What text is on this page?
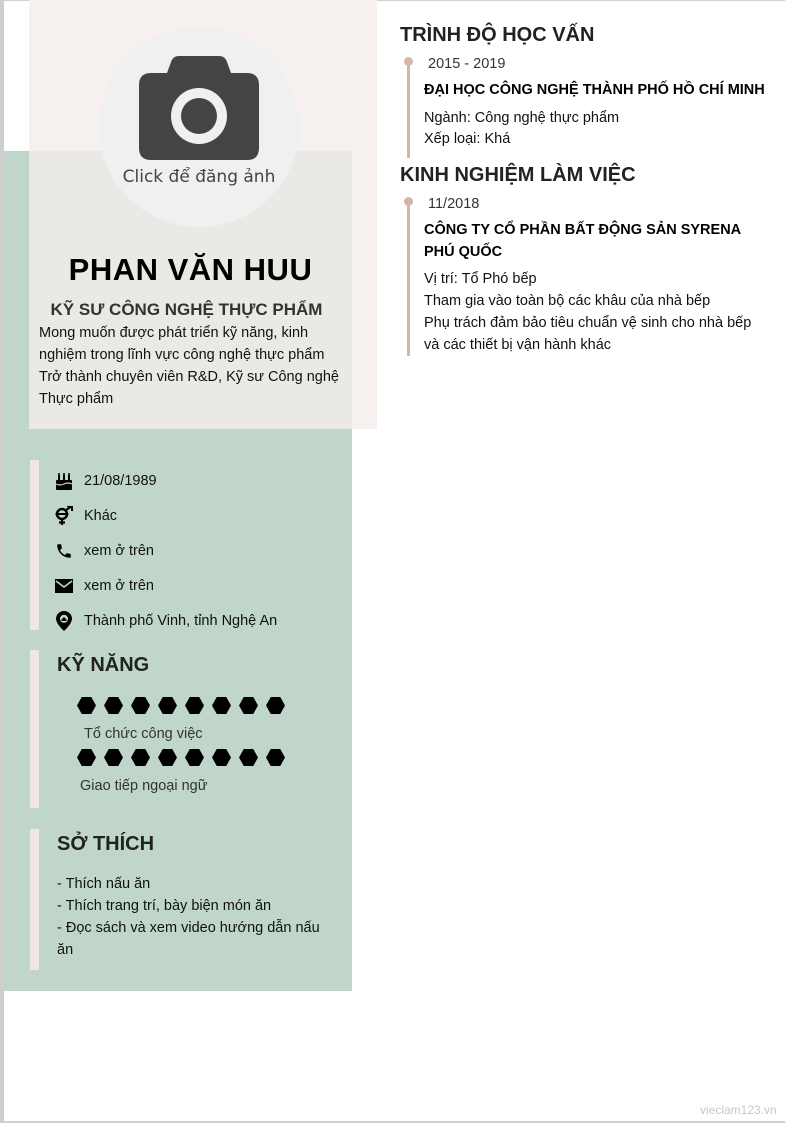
Click để đăng ảnh
PHAN VĂN HUU
KỸ SƯ CÔNG NGHỆ THỰC PHẨM
Mong muốn được phát triển kỹ năng, kinh nghiệm trong lĩnh vực công nghệ thực phẩm Trở thành chuyên viên R&D, Kỹ sư Công nghệ Thực phẩm
21/08/1989
Khác
xem ở trên
xem ở trên
Thành phố Vinh, tỉnh Nghệ An
KỸ NĂNG
Tổ chức công việc
Giao tiếp ngoại ngữ
SỞ THÍCH
- Thích nấu ăn
- Thích trang trí, bày biện món ăn
- Đọc sách và xem video hướng dẫn nấu ăn
TRÌNH ĐỘ HỌC VẤN
2015 - 2019
ĐẠI HỌC CÔNG NGHỆ THÀNH PHỐ HỒ CHÍ MINH
Ngành: Công nghệ thực phẩm
Xếp loại: Khá
KINH NGHIỆM LÀM VIỆC
11/2018
CÔNG TY CỔ PHẦN BẤT ĐỘNG SẢN SYRENA PHÚ QUỐC
Vị trí: Tổ Phó bếp
Tham gia vào toàn bộ các khâu của nhà bếp
Phụ trách đảm bảo tiêu chuẩn vệ sinh cho nhà bếp và các thiết bị vận hành khác
vieclam123.vn
